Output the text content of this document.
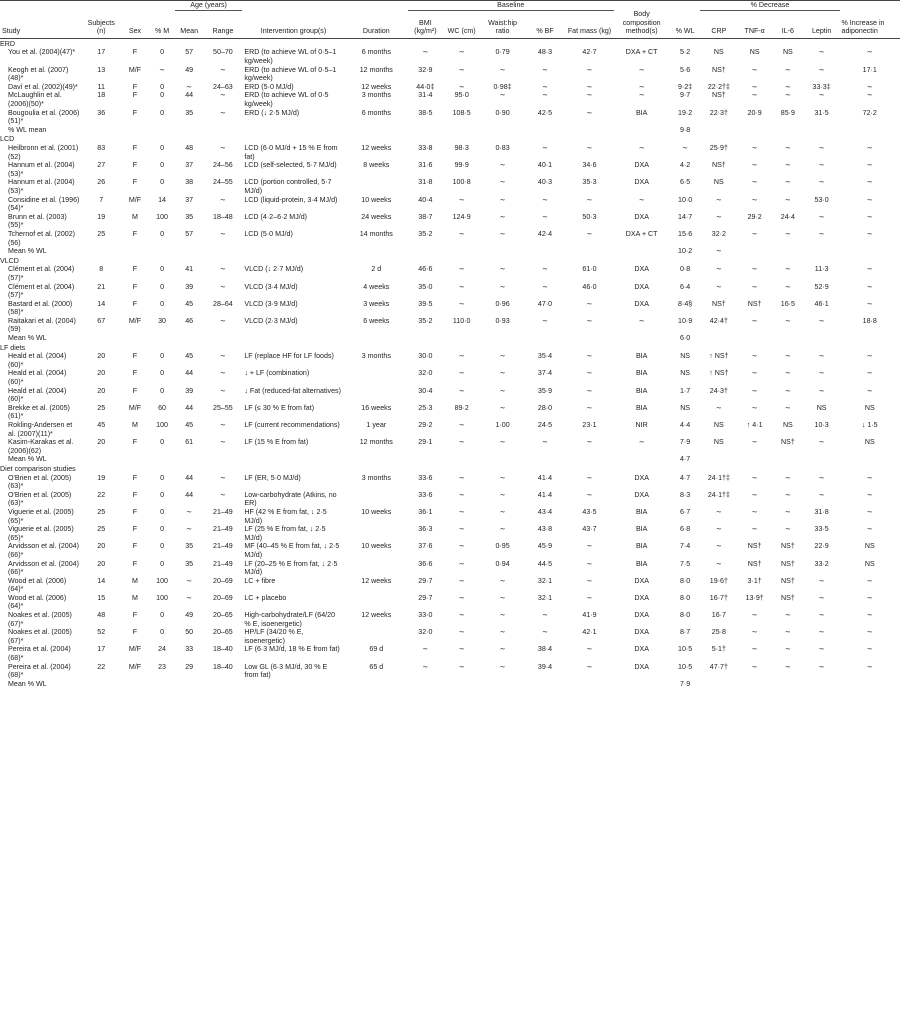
				Age (years)				Baseline							% Decrease				
Study	Subjects (n)	Sex	% M	Mean	Range	Intervention group(s)	Duration	BMI (kg/m²)	WC (cm)	Waist:hip ratio	% BF	Fat mass (kg)	Body composition method(s)	% WL	CRP	TNF-α	IL-6	Leptin	% Increase in adiponectin
ERD																			
You et al. (2004)(47)*	17	F	0	57	50–70	ERD (to achieve WL of 0·5–1 kg/week)	6 months	∼	∼	0·79	48·3	42·7	DXA + CT	5·2	NS	NS	NS	∼	∼
Keogh et al. (2007)(48)*	13	M/F	∼	49	∼	ERD (to achieve WL of 0·5–1 kg/week)	12 months	32·9	∼	∼	∼	∼	∼	5·6	NS†	∼	∼	∼	17·1
Davì et al. (2002)(49)*	11	F	0	∼	24–63	ERD (5·0 MJ/d)	12 weeks	44·0‡	∼	0·98‡	∼	∼	∼	9·2‡	22·2†‡	∼	∼	33·3‡	∼
McLaughlin et al. (2006)(50)*	18	F	0	44	∼	ERD (to achieve WL of 0·5 kg/week)	3 months	31·4	95·0	∼	∼	∼	∼	9·7	NS†	∼	∼	∼	∼
Bougoulia et al. (2006)(51)*	36	F	0	35	∼	ERD (↓ 2·5 MJ/d)	6 months	38·5	108·5	0·90	42·5	∼	BIA	19·2	22·3†	20·9	85·9	31·5	72·2
% WL mean														9·8					
LCD																			
Heilbronn et al. (2001)(52)	83	F	0	48	∼	LCD (6·0 MJ/d + 15 % E from fat)	12 weeks	33·8	98·3	0·83	∼	∼	∼	∼	25·9†	∼	∼	∼	∼
Hannum et al. (2004)(53)*	27	F	0	37	24–56	LCD (self-selected, 5·7 MJ/d)	8 weeks	31·6	99·9	∼	40·1	34·6	DXA	4·2	NS†	∼	∼	∼	∼
Hannum et al. (2004)(53)*	26	F	0	38	24–55	LCD (portion controlled, 5·7 MJ/d)		31·8	100·8	∼	40·3	35·3	DXA	6·5	NS	∼	∼	∼	∼
Considine et al. (1996)(54)*	7	M/F	14	37	∼	LCD (liquid-protein, 3·4 MJ/d)	10 weeks	40·4	∼	∼	∼	∼	∼	10·0	∼	∼	∼	53·0	∼
Brunn et al. (2003)(55)*	19	M	100	35	18–48	LCD (4·2–6·2 MJ/d)	24 weeks	38·7	124·9	∼	∼	50·3	DXA	14·7	∼	29·2	24·4	∼	∼
Tchernof et al. (2002)(56)	25	F	0	57	∼	LCD (5·0 MJ/d)	14 months	35·2	∼	∼	42·4	∼	DXA + CT	15·6	32·2	∼	∼	∼	∼
Mean % WL														10·2	∼				
VLCD																			
Clément et al. (2004)(57)*	8	F	0	41	∼	VLCD (↓ 2·7 MJ/d)	2 d	46·6	∼	∼	∼	61·0	DXA	0·8	∼	∼	∼	11·3	∼
Clément et al. (2004)(57)*	21	F	0	39	∼	VLCD (3·4 MJ/d)	4 weeks	35·0	∼	∼	∼	46·0	DXA	6·4	∼	∼	∼	52·9	∼
Bastard et al. (2000)(58)*	14	F	0	45	28–64	VLCD (3·9 MJ/d)	3 weeks	39·5	∼	0·96	47·0	∼	DXA	8·4§	NS†	NS†	16·5	46·1	∼
Raitakari et al. (2004)(59)	67	M/F	30	46	∼	VLCD (2·3 MJ/d)	6 weeks	35·2	110·0	0·93	∼	∼	∼	10·9	42·4†	∼	∼	∼	18·8
Mean % WL														6·0					
LF diets																			
Heald et al. (2004)(60)*	20	F	0	45	∼	LF (replace HF for LF foods)	3 months	30·0	∼	∼	35·4	∼	BIA	NS	↑ NS†	∼	∼	∼	∼
Heald et al. (2004)(60)*	20	F	0	44	∼	↓ + LF (combination)		32·0	∼	∼	37·4	∼	BIA	NS	↑ NS†	∼	∼	∼	∼
Heald et al. (2004)(60)*	20	F	0	39	∼	↓ Fat (reduced-fat alternatives)		30·4	∼	∼	35·9	∼	BIA	1·7	24·3†	∼	∼	∼	∼
Brekke et al. (2005)(61)*	25	M/F	60	44	25–55	LF (≤ 30 % E from fat)	16 weeks	25·3	89·2	∼	28·0	∼	BIA	NS	∼	∼	∼	NS	NS
Rokling-Andersen et al. (2007)(11)*	45	M	100	45	∼	LF (current recommendations)	1 year	29·2	∼	1·00	24·5	23·1	NIR	4·4	NS	↑ 4·1	NS	10·3	↓ 1·5
Kasim-Karakas et al. (2006)(62)	20	F	0	61	∼	LF (15 % E from fat)	12 months	29·1	∼	∼	∼	∼	∼	7·9	NS	∼	NS†	∼	NS
Mean % WL														4·7					
Diet comparison studies																			
O'Brien et al. (2005)(63)*	19	F	0	44	∼	LF (ER, 5·0 MJ/d)	3 months	33·6	∼	∼	41·4	∼	DXA	4·7	24·1†‡	∼	∼	∼	∼
O'Brien et al. (2005)(63)*	22	F	0	44	∼	Low-carbohydrate (Atkins, no ER)		33·6	∼	∼	41·4	∼	DXA	8·3	24·1†‡	∼	∼	∼	∼
Viguerie et al. (2005)(65)*	25	F	0	∼	21–49	HF (42 % E from fat, ↓ 2·5 MJ/d)	10 weeks	36·1	∼	∼	43·4	43·5	BIA	6·7	∼	∼	∼	31·8	∼
Viguerie et al. (2005)(65)*	25	F	0	∼	21–49	LF (25 % E from fat, ↓ 2·5 MJ/d)		36·3	∼	∼	43·8	43·7	BIA	6·8	∼	∼	∼	33·5	∼
Arvidsson et al. (2004)(66)*	20	F	0	35	21–49	MF (40–45 % E from fat, ↓ 2·5 MJ/d)	10 weeks	37·6	∼	0·95	45·9	∼	BIA	7·4	∼	NS†	NS†	22·9	NS
Arvidsson et al. (2004)(66)*	20	F	0	35	21–49	LF (20–25 % E from fat, ↓ 2·5 MJ/d)		36·6	∼	0·94	44·5	∼	BIA	7·5	∼	NS†	NS†	33·2	NS
Wood et al. (2006)(64)*	14	M	100	∼	20–69	LC + fibre	12 weeks	29·7	∼	∼	32·1	∼	DXA	8·0	19·6†	3·1†	NS†	∼	∼
Wood et al. (2006)(64)*	15	M	100	∼	20–69	LC + placebo		29·7	∼	∼	32·1	∼	DXA	8·0	16·7†	13·9†	NS†	∼	∼
Noakes et al. (2005)(67)*	48	F	0	49	20–65	High-carbohydrate/LF (64/20 % E, isoenergetic)	12 weeks	33·0	∼	∼	∼	41·9	DXA	8·0	16·7	∼	∼	∼	∼
Noakes et al. (2005)(67)*	52	F	0	50	20–65	HP/LF (34/20 % E, isoenergetic)		32·0	∼	∼	∼	42·1	DXA	8·7	25·8	∼	∼	∼	∼
Pereira et al. (2004)(68)*	17	M/F	24	33	18–40	LF (6·3 MJ/d, 18 % E from fat)	69 d	∼	∼	∼	38·4	∼	DXA	10·5	5·1†	∼	∼	∼	∼
Pereira et al. (2004)(68)*	22	M/F	23	29	18–40	Low GL (6·3 MJ/d, 30 % E from fat)	65 d	∼	∼	∼	39·4	∼	DXA	10·5	47·7†	∼	∼	∼	∼
Mean % WL														7·9					
